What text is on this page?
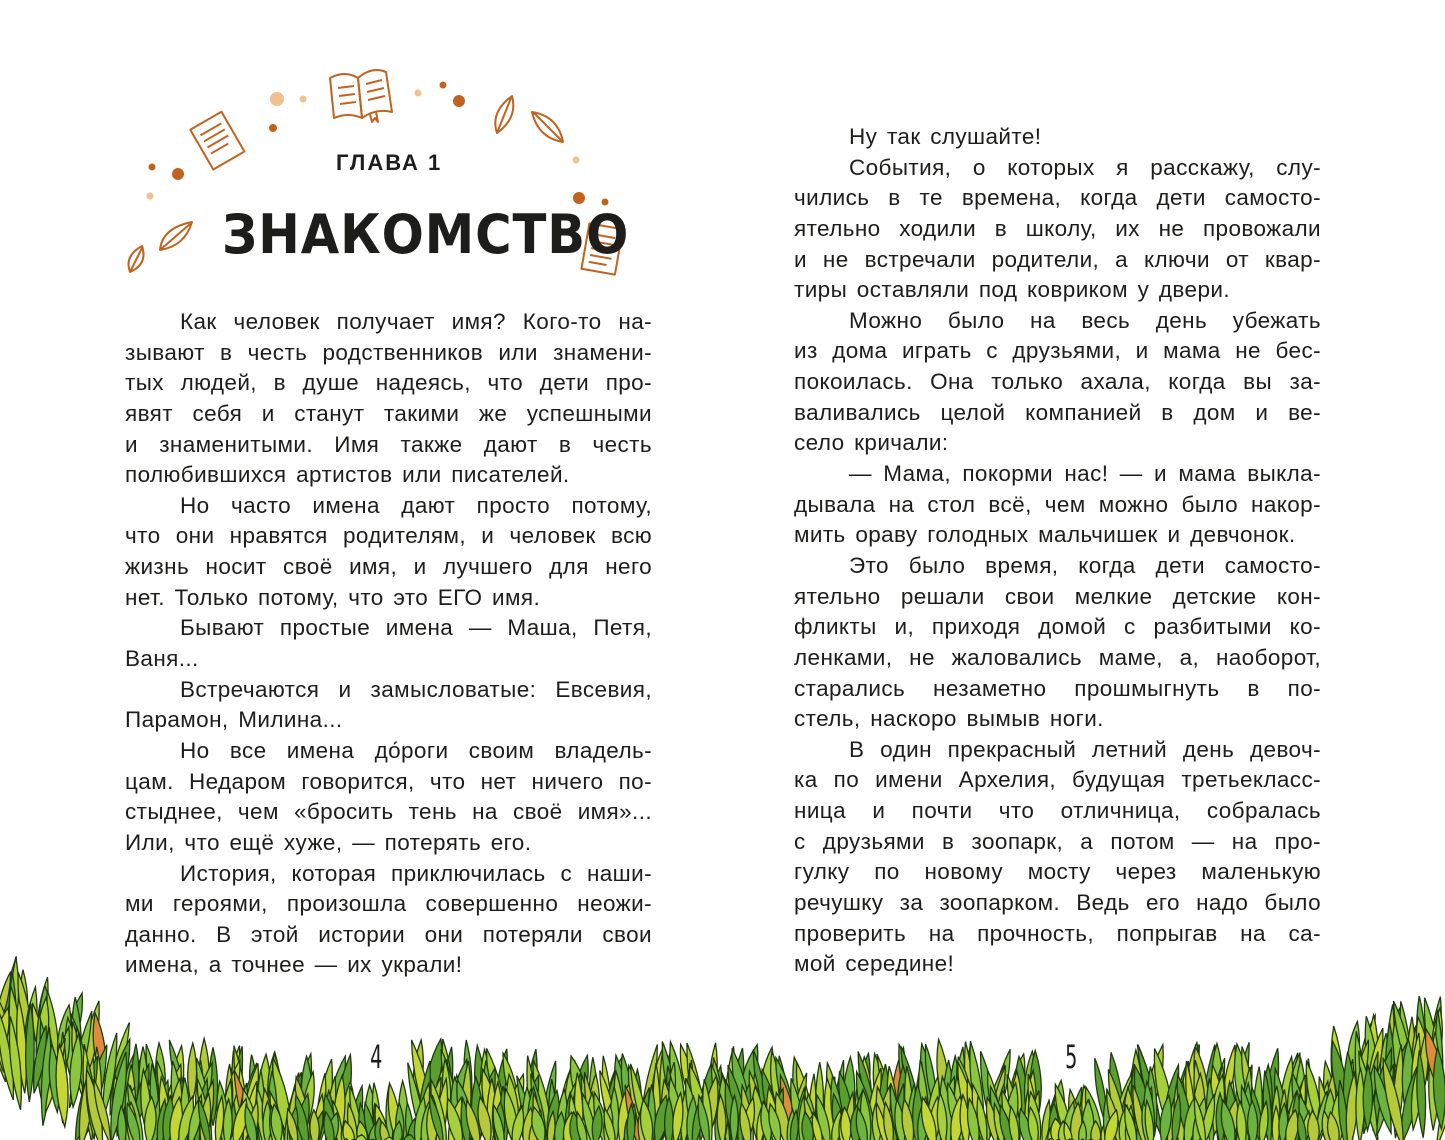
ГЛАВА 1
ЗНАКОМСТВО
Как человек получает имя? Кого-то на-
зывают в честь родственников или знамени-
тых людей, в душе надеясь, что дети про-
явят себя и станут такими же успешными
и знаменитыми. Имя также дают в честь
полюбившихся артистов или писателей.
Но часто имена дают просто потому,
что они нравятся родителям, и человек всю
жизнь носит своё имя, и лучшего для него
нет. Только потому, что это ЕГО имя.
Бывают простые имена — Маша, Петя,
Ваня...
Встречаются и замысловатые: Евсевия,
Парамон, Милина...
Но все имена до́роги своим владель-
цам. Недаром говорится, что нет ничего по-
стыднее, чем «бросить тень на своё имя»...
Или, что ещё хуже, — потерять его.
История, которая приключилась с наши-
ми героями, произошла совершенно неожи-
данно. В этой истории они потеряли свои
имена, а точнее — их украли!
Ну так слушайте!
События, о которых я расскажу, слу-
чились в те времена, когда дети самосто-
ятельно ходили в школу, их не провожали
и не встречали родители, а ключи от квар-
тиры оставляли под ковриком у двери.
Можно было на весь день убежать
из дома играть с друзьями, и мама не бес-
покоилась. Она только ахала, когда вы за-
валивались целой компанией в дом и ве-
село кричали:
— Мама, покорми нас! — и мама выкла-
дывала на стол всё, чем можно было накор-
мить ораву голодных мальчишек и девчонок.
Это было время, когда дети самосто-
ятельно решали свои мелкие детские кон-
фликты и, приходя домой с разбитыми ко-
ленками, не жаловались маме, а, наоборот,
старались незаметно прошмыгнуть в по-
стель, наскоро вымыв ноги.
В один прекрасный летний день девоч-
ка по имени Архелия, будущая третьекласс-
ница и почти что отличница, собралась
с друзьями в зоопарк, а потом — на про-
гулку по новому мосту через маленькую
речушку за зоопарком. Ведь его надо было
проверить на прочность, попрыгав на са-
мой середине!
4	5
